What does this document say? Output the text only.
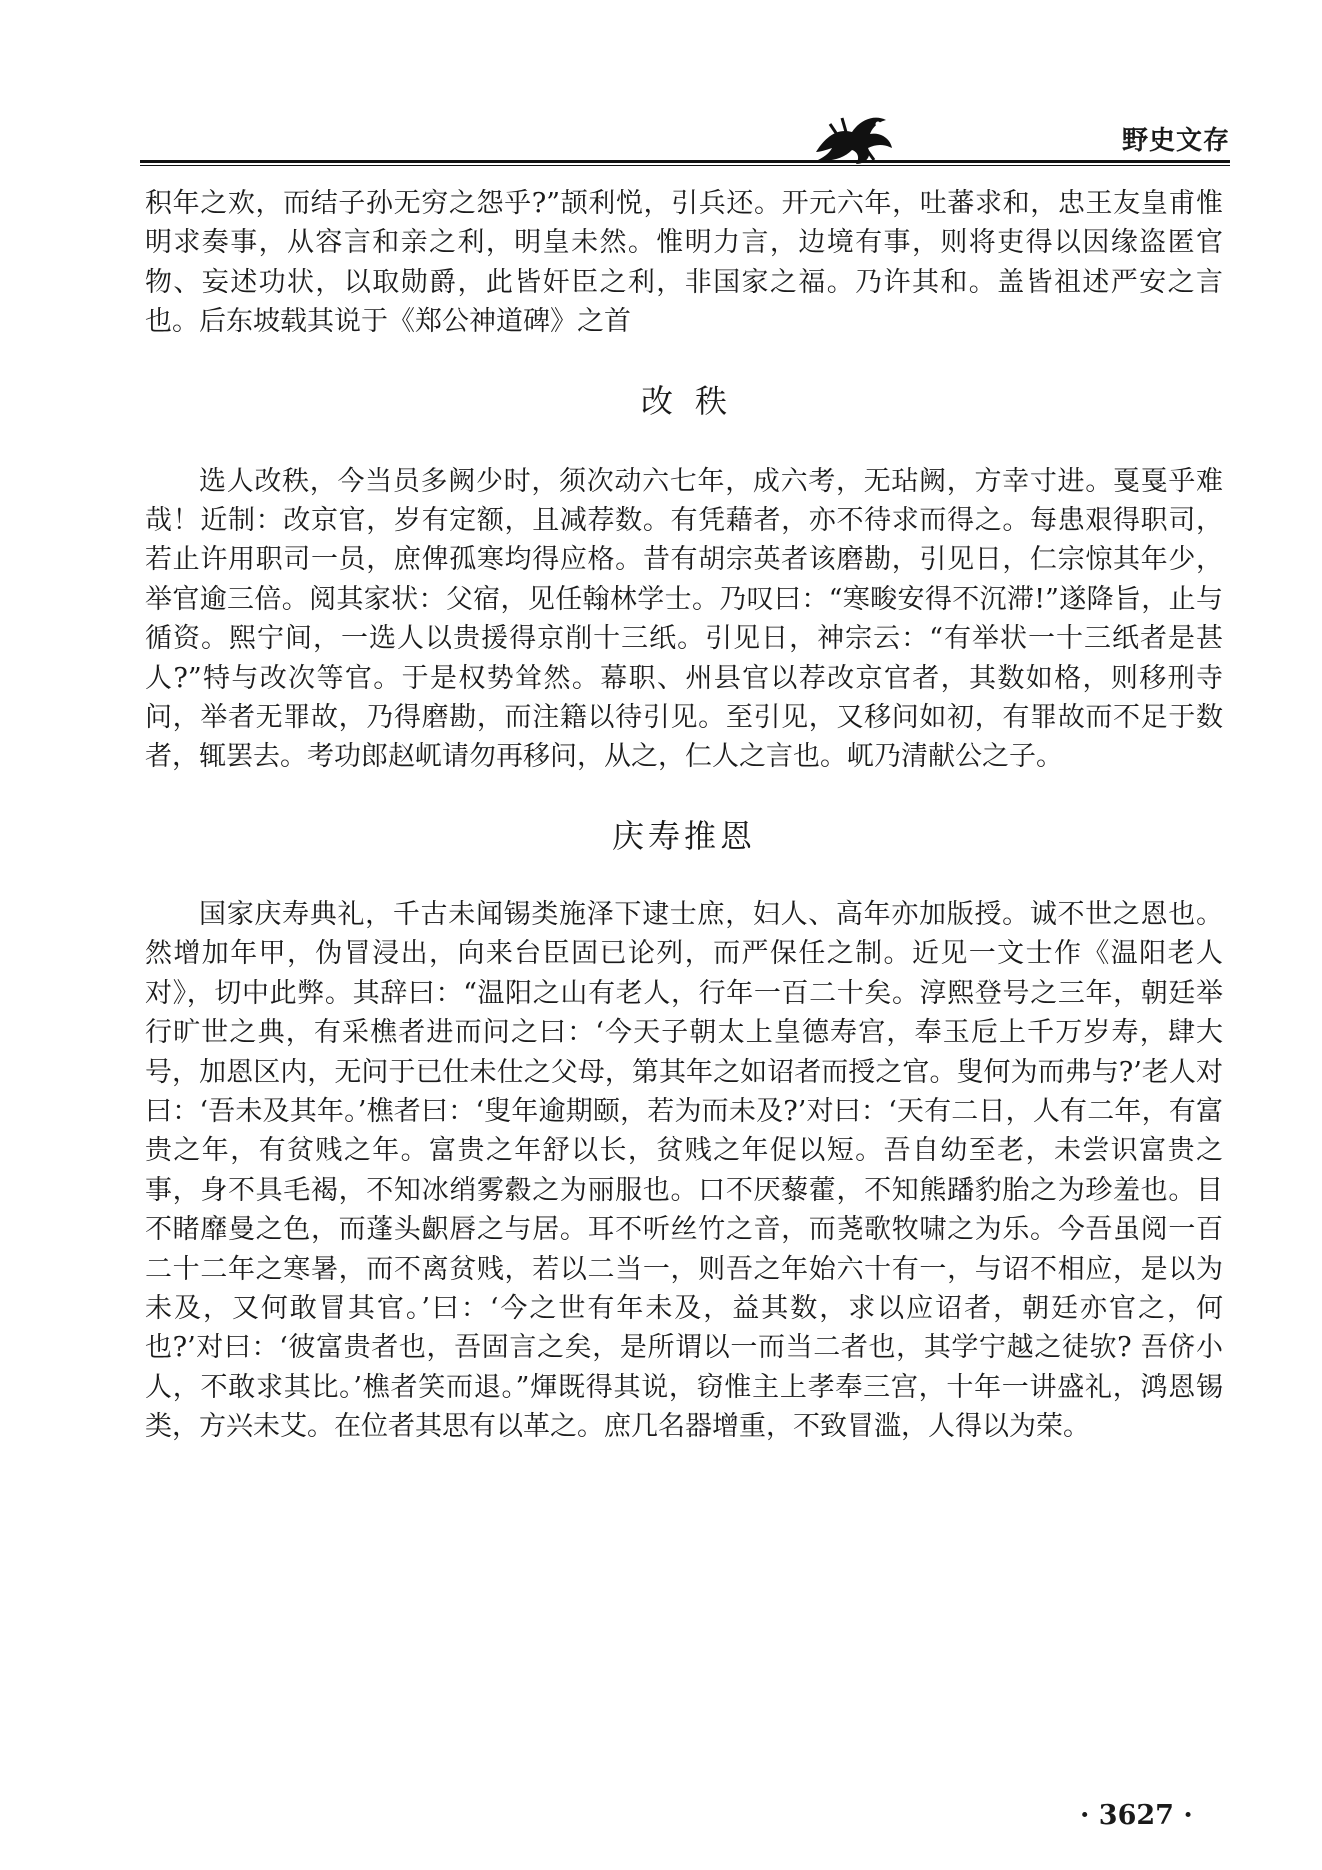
野史文存

积年之欢，而结子孙无穷之怨乎?”颉利悦，引兵还。开元六年，吐蕃求和，忠王友皇甫惟明求奏事，从容言和亲之利，明皇未然。惟明力言，边境有事，则将吏得以因缘盗匿官物、妄述功状，以取勋爵，此皆奸臣之利，非国家之福。乃许其和。盖皆祖述严安之言也。后东坡载其说于《郑公神道碑》之首

改秩

选人改秩，今当员多阙少时，须次动六七年，成六考，无玷阙，方幸寸进。戛戛乎难哉！近制：改京官，岁有定额，且减荐数。有凭藉者，亦不待求而得之。每患艰得职司，若止许用职司一员，庶俾孤寒均得应格。昔有胡宗英者该磨勘，引见日，仁宗惊其年少，举官逾三倍。阅其家状：父宿，见任翰林学士。乃叹曰：“寒畯安得不沉滞!”遂降旨，止与循资。熙宁间，一选人以贵援得京削十三纸。引见日，神宗云：“有举状一十三纸者是甚人?”特与改次等官。于是权势耸然。幕职、州县官以荐改京官者，其数如格，则移刑寺问，举者无罪故，乃得磨勘，而注籍以待引见。至引见，又移问如初，有罪故而不足于数者，辄罢去。考功郎赵屼请勿再移问，从之，仁人之言也。屼乃清献公之子。

庆寿推恩

国家庆寿典礼，千古未闻锡类施泽下逮士庶，妇人、高年亦加版授。诚不世之恩也。然增加年甲，伪冒浸出，向来台臣固已论列，而严保任之制。近见一文士作《温阳老人对》，切中此弊。其辞曰：“温阳之山有老人，行年一百二十矣。淳熙登号之三年，朝廷举行旷世之典，有采樵者进而问之曰：‘今天子朝太上皇德寿宫，奉玉卮上千万岁寿，肆大号，加恩区内，无问于已仕未仕之父母，第其年之如诏者而授之官。叟何为而弗与?’老人对曰：‘吾未及其年。’樵者曰：‘叟年逾期颐，若为而未及?’对曰：‘天有二日，人有二年，有富贵之年，有贫贱之年。富贵之年舒以长，贫贱之年促以短。吾自幼至老，未尝识富贵之事，身不具毛褐，不知冰绡雾縠之为丽服也。口不厌藜藿，不知熊蹯豹胎之为珍羞也。目不睹靡曼之色，而蓬头齞唇之与居。耳不听丝竹之音，而荛歌牧啸之为乐。今吾虽阅一百二十二年之寒暑，而不离贫贱，若以二当一，则吾之年始六十有一，与诏不相应，是以为未及，又何敢冒其官。’曰：‘今之世有年未及，益其数，求以应诏者，朝廷亦官之，何也?’对曰：‘彼富贵者也，吾固言之矣，是所谓以一而当二者也，其学宁越之徒欤? 吾侪小人，不敢求其比。’樵者笑而退。”煇既得其说，窃惟主上孝奉三宫，十年一讲盛礼，鸿恩锡类，方兴未艾。在位者其思有以革之。庶几名器增重，不致冒滥，人得以为荣。

· 3627 ·
